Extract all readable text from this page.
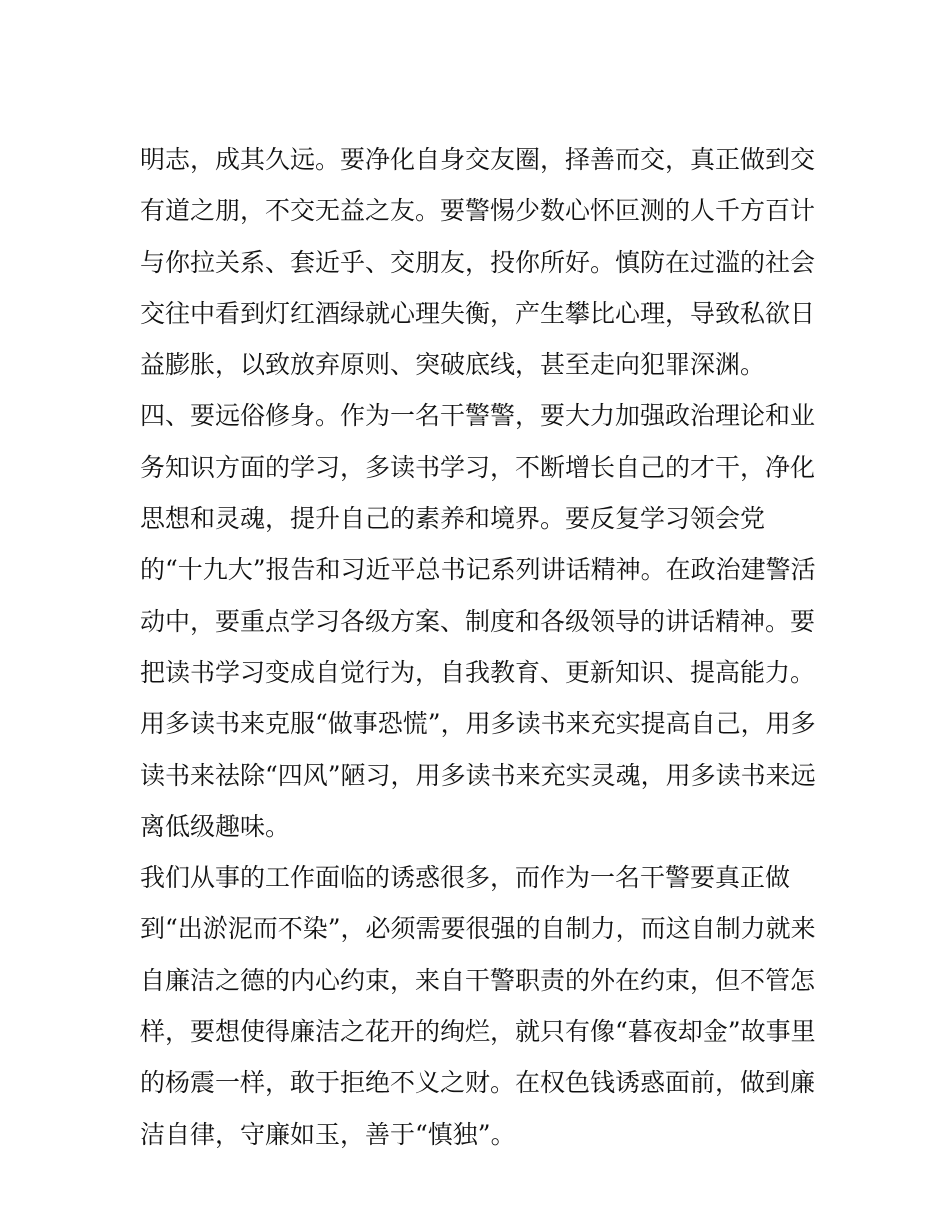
明志，成其久远。要净化自身交友圈，择善而交，真正做到交
有道之朋，不交无益之友。要警惕少数心怀叵测的人千方百计
与你拉关系、套近乎、交朋友，投你所好。慎防在过滥的社会
交往中看到灯红酒绿就心理失衡，产生攀比心理，导致私欲日
益膨胀，以致放弃原则、突破底线，甚至走向犯罪深渊。
四、要远俗修身。作为一名干警警，要大力加强政治理论和业
务知识方面的学习，多读书学习，不断增长自己的才干，净化
思想和灵魂，提升自己的素养和境界。要反复学习领会党
的“十九大”报告和习近平总书记系列讲话精神。在政治建警活
动中，要重点学习各级方案、制度和各级领导的讲话精神。要
把读书学习变成自觉行为，自我教育、更新知识、提高能力。
用多读书来克服“做事恐慌”，用多读书来充实提高自己，用多
读书来祛除“四风”陋习，用多读书来充实灵魂，用多读书来远
离低级趣味。
我们从事的工作面临的诱惑很多，而作为一名干警要真正做
到“出淤泥而不染”，必须需要很强的自制力，而这自制力就来
自廉洁之德的内心约束，来自干警职责的外在约束，但不管怎
样，要想使得廉洁之花开的绚烂，就只有像“暮夜却金”故事里
的杨震一样，敢于拒绝不义之财。在权色钱诱惑面前，做到廉
洁自律，守廉如玉，善于“慎独”。
